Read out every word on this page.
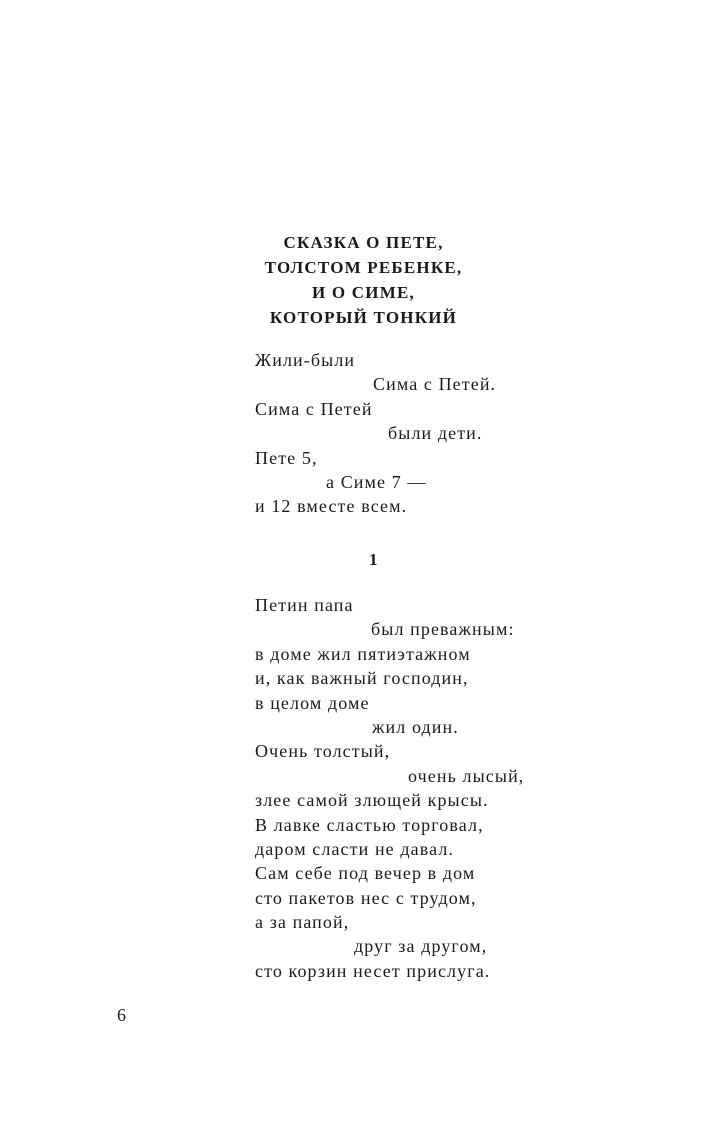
СКАЗКА О ПЕТЕ,
ТОЛСТОМ РЕБЕНКЕ,
И О СИМЕ,
КОТОРЫЙ ТОНКИЙ
Жили-были
Сима с Петей.
Сима с Петей
были дети.
Пете 5,
а Симе 7 —
и 12 вместе всем.
1
Петин папа
был преважным:
в доме жил пятиэтажном
и, как важный господин,
в целом доме
жил один.
Очень толстый,
очень лысый,
злее самой злющей крысы.
В лавке сластью торговал,
даром сласти не давал.
Сам себе под вечер в дом
сто пакетов нес с трудом,
а за папой,
друг за другом,
сто корзин несет прислуга.
6
